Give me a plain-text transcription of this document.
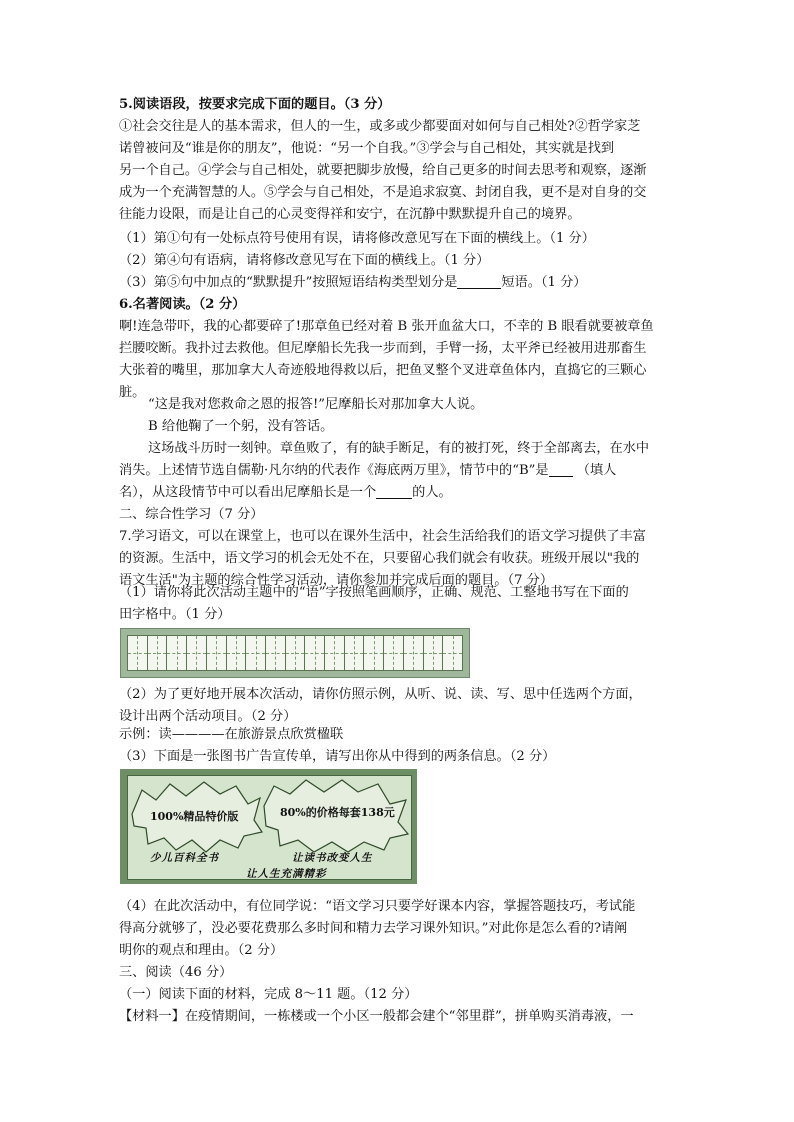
5.阅读语段，按要求完成下面的题目。（3 分）
①社会交往是人的基本需求，但人的一生，或多或少都要面对如何与自己相处?②哲学家芝
诺曾被问及“谁是你的朋友”，他说：“另一个自我。”③学会与自己相处，其实就是找到
另一个自己。④学会与自己相处，就要把脚步放慢，给自己更多的时间去思考和观察，逐渐
成为一个充满智慧的人。⑤学会与自己相处，不是追求寂寞、封闭自我，更不是对自身的交
往能力设限，而是让自己的心灵变得祥和安宁，在沉静中默默提升自己的境界。
（1）第①句有一处标点符号使用有误，请将修改意见写在下面的横线上。（1 分）
（2）第④句有语病，请将修改意见写在下面的横线上。（1 分）
（3）第⑤句中加点的“默默提升”按照短语结构类型划分是	短语。（1 分）
6.名著阅读。（2 分）
啊!连急带吓，我的心都要碎了!那章鱼已经对着 B 张开血盆大口，不幸的 B 眼看就要被章鱼
拦腰咬断。我扑过去救他。但尼摩船长先我一步而到，手臂一扬，太平斧已经被用进那畜生
大张着的嘴里，那加拿大人奇迹般地得救以后，把鱼叉整个叉进章鱼体内，直捣它的三颗心
脏。
“这是我对您救命之恩的报答!”尼摩船长对那加拿大人说。
B 给他鞠了一个躬，没有答话。
这场战斗历时一刻钟。章鱼败了，有的缺手断足，有的被打死，终于全部离去，在水中
消失。上述情节选自儒勒·凡尔纳的代表作《海底两万里》，情节中的“B”是 （填人
名），从这段情节中可以看出尼摩船长是一个	的人。
二、综合性学习（7 分）
7.学习语文，可以在课堂上，也可以在课外生活中，社会生活给我们的语文学习提供了丰富
的资源。生活中，语文学习的机会无处不在，只要留心我们就会有收获。班级开展以"我的
语文生活"为主题的综合性学习活动，请你参加并完成后面的题目。（7 分）
（1）请你将此次活动主题中的“语”字按照笔画顺序，正确、规范、工整地书写在下面的
田字格中。（1 分）
（2）为了更好地开展本次活动，请你仿照示例，从听、说、读、写、思中任选两个方面，
设计出两个活动项目。（2 分）
示例：读————在旅游景点欣赏楹联
（3）下面是一张图书广告宣传单，请写出你从中得到的两条信息。（2 分）
100%精品特价版	80%的价格每套138元
少儿百科全书	让读书改变人生
让人生充满精彩
（4）在此次活动中，有位同学说：“语文学习只要学好课本内容，掌握答题技巧，考试能
得高分就够了，没必要花费那么多时间和精力去学习课外知识。”对此你是怎么看的?请阐
明你的观点和理由。（2 分）
三、阅读（46 分）
（一）阅读下面的材料，完成 8～11 题。（12 分）
【材料一】在疫情期间，一栋楼或一个小区一般都会建个“邻里群”，拼单购买消毒液，一
